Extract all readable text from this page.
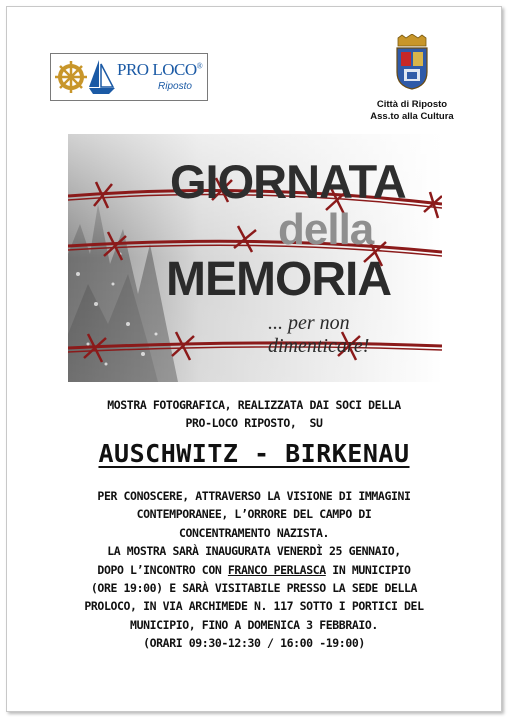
PRO LOCO®
Riposto
Città di Riposto
Ass.to alla Cultura
GIORNATA
della
MEMORIA
... per non dimenticare!
MOSTRA FOTOGRAFICA, REALIZZATA DAI SOCI DELLA
PRO-LOCO RIPOSTO,  SU
AUSCHWITZ - BIRKENAU
PER CONOSCERE, ATTRAVERSO LA VISIONE DI IMMAGINI
CONTEMPORANEE, L’ORRORE DEL CAMPO DI
CONCENTRAMENTO NAZISTA.
LA MOSTRA SARÀ INAUGURATA VENERDÌ 25 GENNAIO,
DOPO L’INCONTRO CON FRANCO PERLASCA IN MUNICIPIO
(ORE 19:00) E SARÀ VISITABILE PRESSO LA SEDE DELLA
PROLOCO, IN VIA ARCHIMEDE N. 117 SOTTO I PORTICI DEL
MUNICIPIO, FINO A DOMENICA 3 FEBBRAIO.
(ORARI 09:30-12:30 / 16:00 -19:00)
